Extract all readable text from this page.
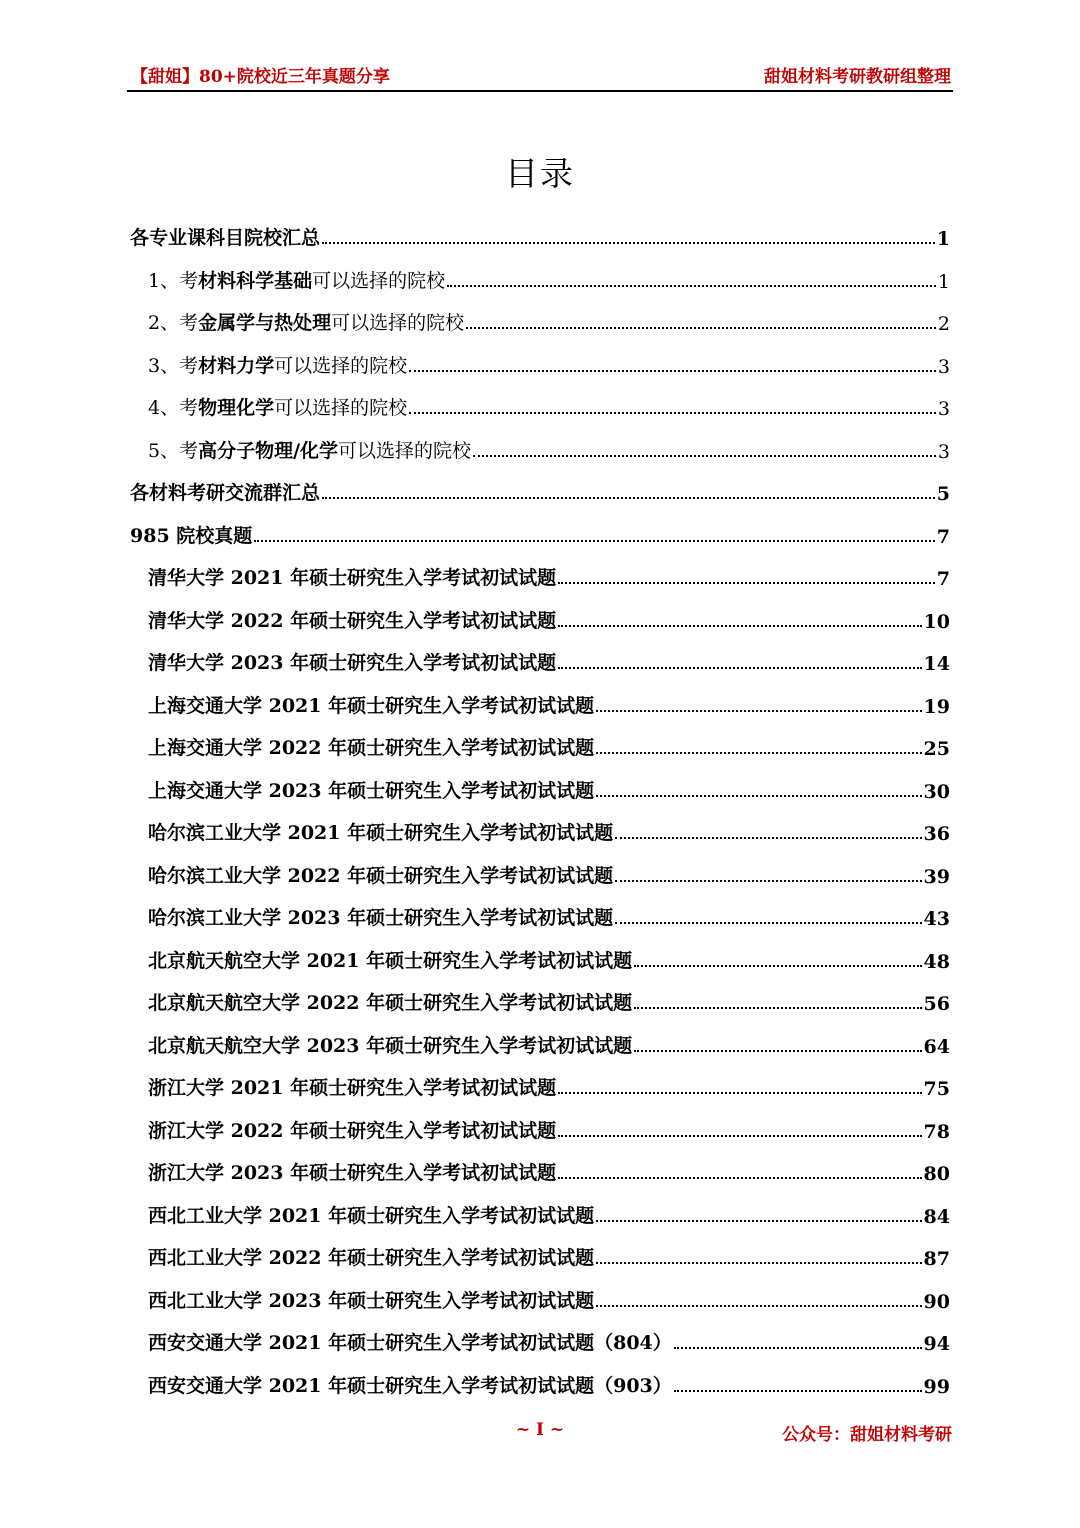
【甜姐】80+院校近三年真题分享	甜姐材料考研教研组整理
目录
各专业课科目院校汇总	1
1、考材料科学基础可以选择的院校	1
2、考金属学与热处理可以选择的院校	2
3、考材料力学可以选择的院校	3
4、考物理化学可以选择的院校	3
5、考高分子物理/化学可以选择的院校	3
各材料考研交流群汇总	5
985 院校真题	7
清华大学 2021 年硕士研究生入学考试初试试题	7
清华大学 2022 年硕士研究生入学考试初试试题	10
清华大学 2023 年硕士研究生入学考试初试试题	14
上海交通大学 2021 年硕士研究生入学考试初试试题	19
上海交通大学 2022 年硕士研究生入学考试初试试题	25
上海交通大学 2023 年硕士研究生入学考试初试试题	30
哈尔滨工业大学 2021 年硕士研究生入学考试初试试题	36
哈尔滨工业大学 2022 年硕士研究生入学考试初试试题	39
哈尔滨工业大学 2023 年硕士研究生入学考试初试试题	43
北京航天航空大学 2021 年硕士研究生入学考试初试试题	48
北京航天航空大学 2022 年硕士研究生入学考试初试试题	56
北京航天航空大学 2023 年硕士研究生入学考试初试试题	64
浙江大学 2021 年硕士研究生入学考试初试试题	75
浙江大学 2022 年硕士研究生入学考试初试试题	78
浙江大学 2023 年硕士研究生入学考试初试试题	80
西北工业大学 2021 年硕士研究生入学考试初试试题	84
西北工业大学 2022 年硕士研究生入学考试初试试题	87
西北工业大学 2023 年硕士研究生入学考试初试试题	90
西安交通大学 2021 年硕士研究生入学考试初试试题（804）	94
西安交通大学 2021 年硕士研究生入学考试初试试题（903）	99
~ I ~	公众号：甜姐材料考研
